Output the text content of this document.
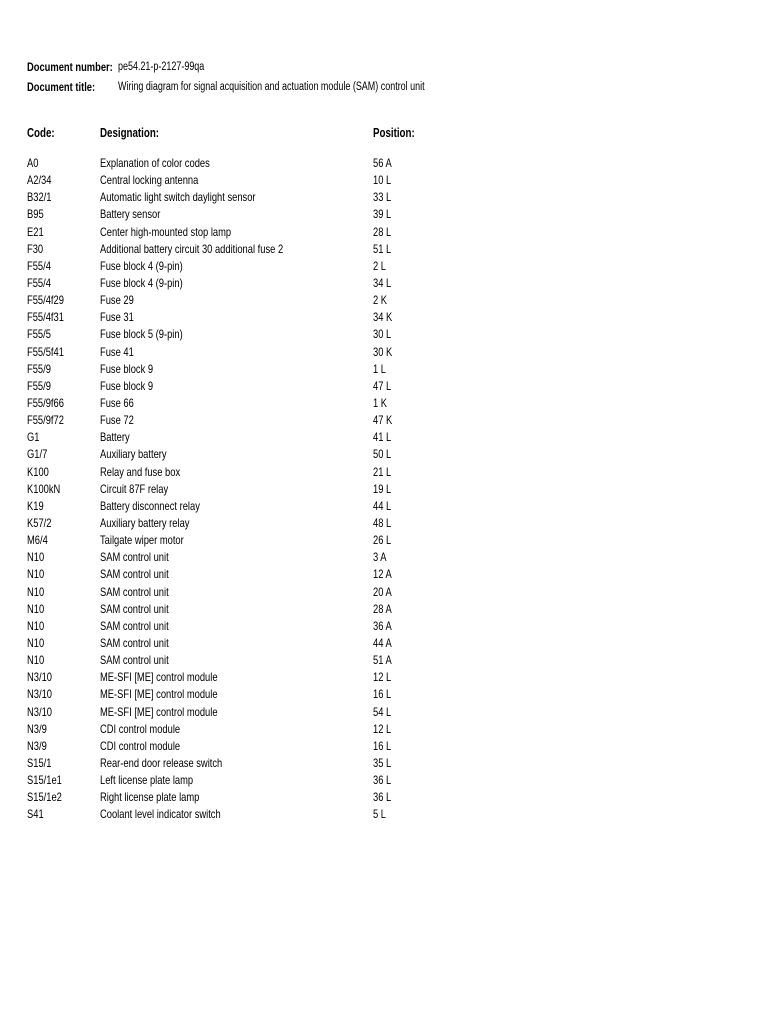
Document number: pe54.21-p-2127-99qa
Document title: Wiring diagram for signal acquisition and actuation module (SAM) control unit
Code:	Designation:	Position:
A0	Explanation of color codes	56 A
A2/34	Central locking antenna	10 L
B32/1	Automatic light switch daylight sensor	33 L
B95	Battery sensor	39 L
E21	Center high-mounted stop lamp	28 L
F30	Additional battery circuit 30 additional fuse 2	51 L
F55/4	Fuse block 4 (9-pin)	2 L
F55/4	Fuse block 4 (9-pin)	34 L
F55/4f29	Fuse 29	2 K
F55/4f31	Fuse 31	34 K
F55/5	Fuse block 5 (9-pin)	30 L
F55/5f41	Fuse 41	30 K
F55/9	Fuse block 9	1 L
F55/9	Fuse block 9	47 L
F55/9f66	Fuse 66	1 K
F55/9f72	Fuse 72	47 K
G1	Battery	41 L
G1/7	Auxiliary battery	50 L
K100	Relay and fuse box	21 L
K100kN	Circuit 87F relay	19 L
K19	Battery disconnect relay	44 L
K57/2	Auxiliary battery relay	48 L
M6/4	Tailgate wiper motor	26 L
N10	SAM control unit	3 A
N10	SAM control unit	12 A
N10	SAM control unit	20 A
N10	SAM control unit	28 A
N10	SAM control unit	36 A
N10	SAM control unit	44 A
N10	SAM control unit	51 A
N3/10	ME-SFI [ME] control module	12 L
N3/10	ME-SFI [ME] control module	16 L
N3/10	ME-SFI [ME] control module	54 L
N3/9	CDI control module	12 L
N3/9	CDI control module	16 L
S15/1	Rear-end door release switch	35 L
S15/1e1	Left license plate lamp	36 L
S15/1e2	Right license plate lamp	36 L
S41	Coolant level indicator switch	5 L
